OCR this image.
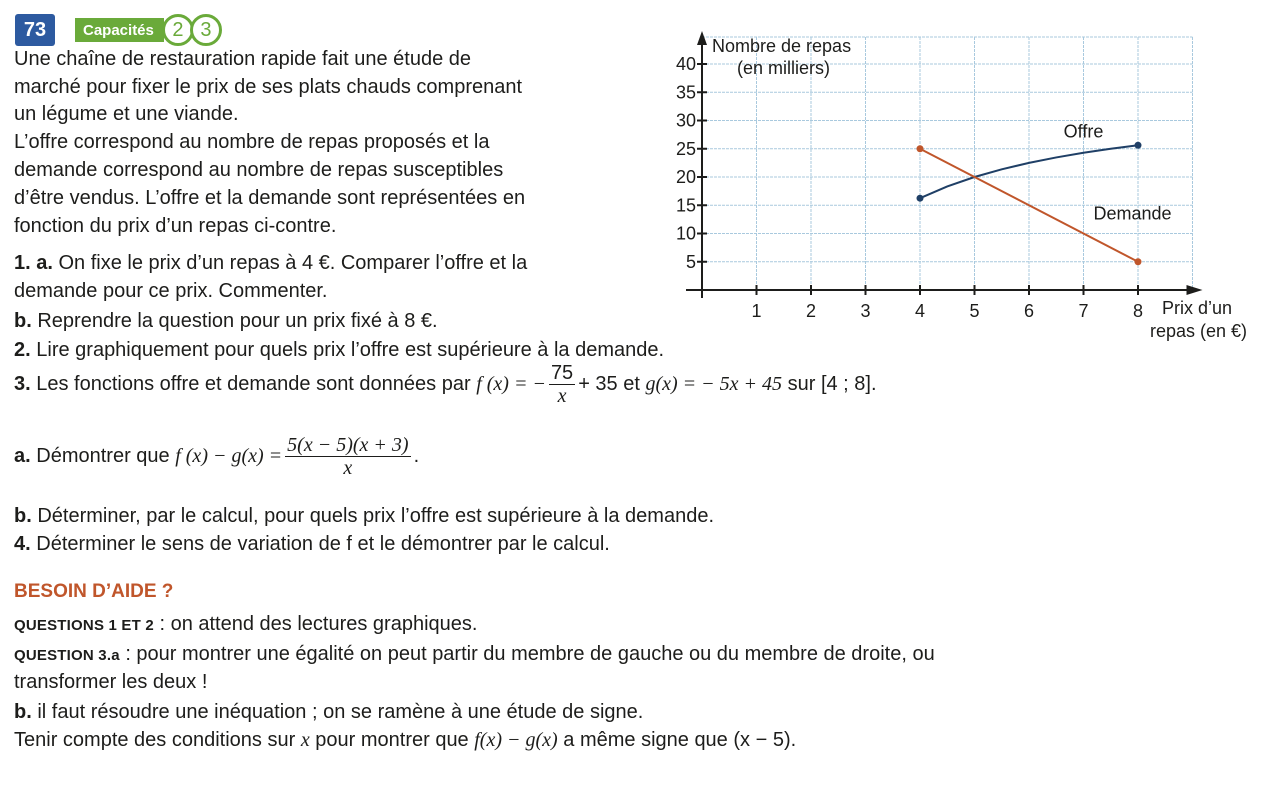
73	Capacités 2 3
Une chaîne de restauration rapide fait une étude de
marché pour fixer le prix de ses plats chauds comprenant
un légume et une viande.
L’offre correspond au nombre de repas proposés et la
demande correspond au nombre de repas susceptibles
d’être vendus. L’offre et la demande sont représentées en
fonction du prix d’un repas ci-contre.
1. a. On fixe le prix d’un repas à 4 €. Comparer l’offre et la
demande pour ce prix. Commenter.
b. Reprendre la question pour un prix fixé à 8 €.
2. Lire graphiquement pour quels prix l’offre est supérieure à la demande.
3.
Les fonctions offre et demande sont données par
f (x) = − $\frac{75}{x} + 35$
et
g(x) = − 5x + 45
sur [4 ; 8].
a.
Démontrer que
f $(x) - g(x) = \frac{5(x - 5)(x + 3)}{x}$ .
b. Déterminer, par le calcul, pour quels prix l’offre est supérieure à la demande.
4. Déterminer le sens de variation de f et le démontrer par le calcul.
BESOIN D’AIDE ?
QUESTIONS 1 ET 2 : on attend des lectures graphiques.
QUESTION 3.a : pour montrer une égalité on peut partir du membre de gauche ou du membre de droite, ou
transformer les deux !
b. il faut résoudre une inéquation ; on se ramène à une étude de signe.
Tenir compte des conditions sur x pour montrer que f(x) − g(x) a même signe que (x − 5).
1 2 3 4 5 6 7 8
5
10
15
20
25
30
35
40
Offre
Demande
Nombre de repas
(en milliers)
Prix d’un
repas (en €)
